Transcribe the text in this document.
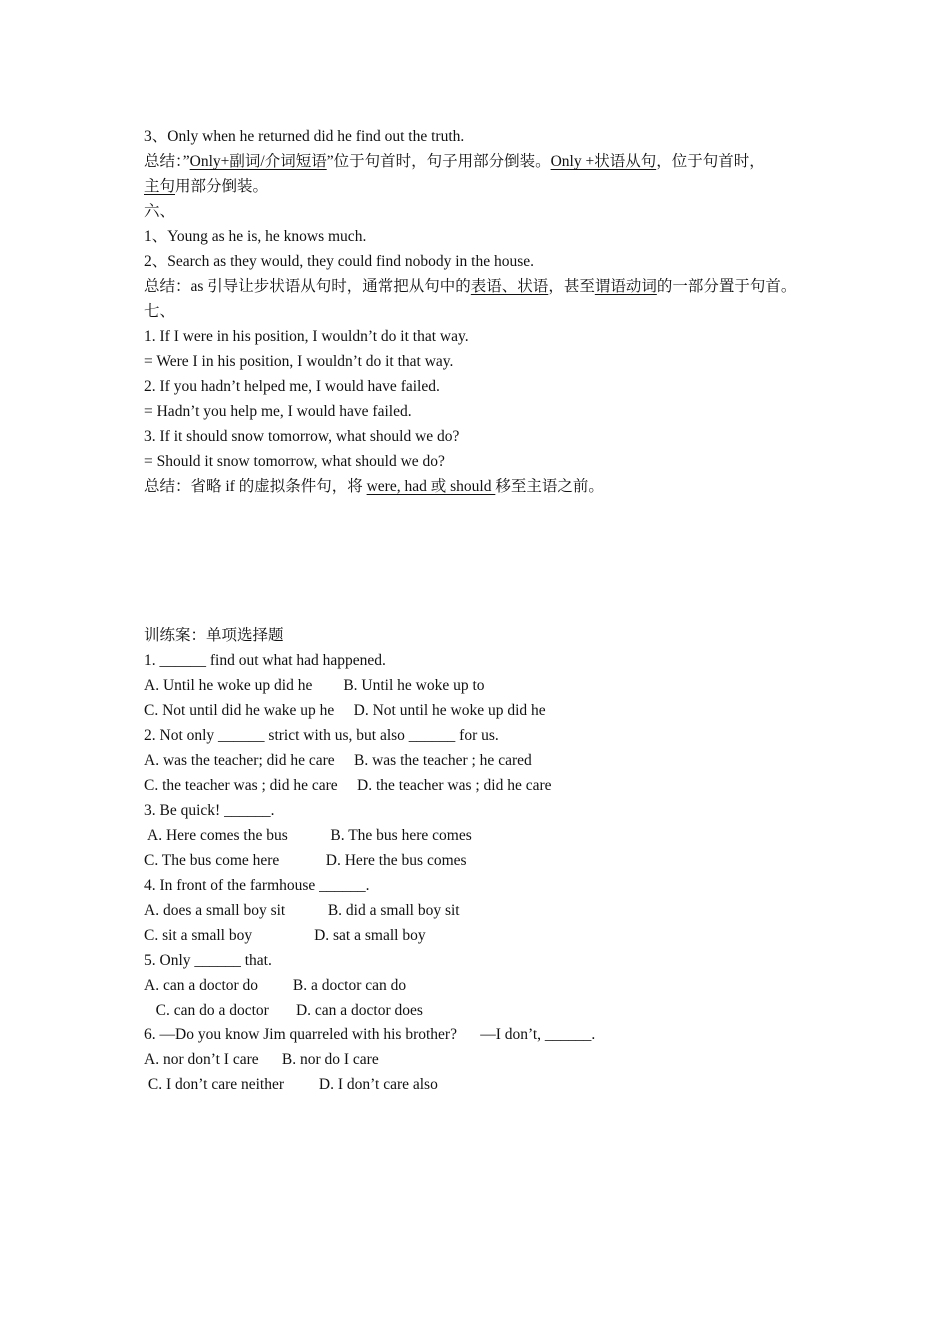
3、Only when he returned did he find out the truth.
总结：”Only+副词/介词短语”位于句首时，句子用部分倒装。Only +状语从句，位于句首时，
主句用部分倒装。
六、
1、Young as he is, he knows much.
2、Search as they would, they could find nobody in the house.
总结：as 引导让步状语从句时，通常把从句中的表语、状语，甚至谓语动词的一部分置于句首。
七、
1. If I were in his position, I wouldn’t do it that way.
= Were I in his position, I wouldn’t do it that way.
2. If you hadn’t helped me, I would have failed.
= Hadn’t you help me, I would have failed.
3. If it should snow tomorrow, what should we do?
= Should it snow tomorrow, what should we do?
总结：省略 if 的虚拟条件句，将 were, had 或 should 移至主语之前。
训练案：单项选择题
1. ______ find out what had happened.
A. Until he woke up did he        B. Until he woke up to
C. Not until did he wake up he     D. Not until he woke up did he
2. Not only ______ strict with us, but also ______ for us.
A. was the teacher; did he care     B. was the teacher ; he cared
C. the teacher was ; did he care     D. the teacher was ; did he care
3. Be quick! ______.
A. Here comes the bus           B. The bus here comes
C. The bus come here            D. Here the bus comes
4. In front of the farmhouse ______.
A. does a small boy sit           B. did a small boy sit
C. sit a small boy                D. sat a small boy
5. Only ______ that.
A. can a doctor do         B. a doctor can do
C. can do a doctor       D. can a doctor does
6. —Do you know Jim quarreled with his brother?      —I don’t, ______.
A. nor don’t I care      B. nor do I care
C. I don’t care neither         D. I don’t care also
